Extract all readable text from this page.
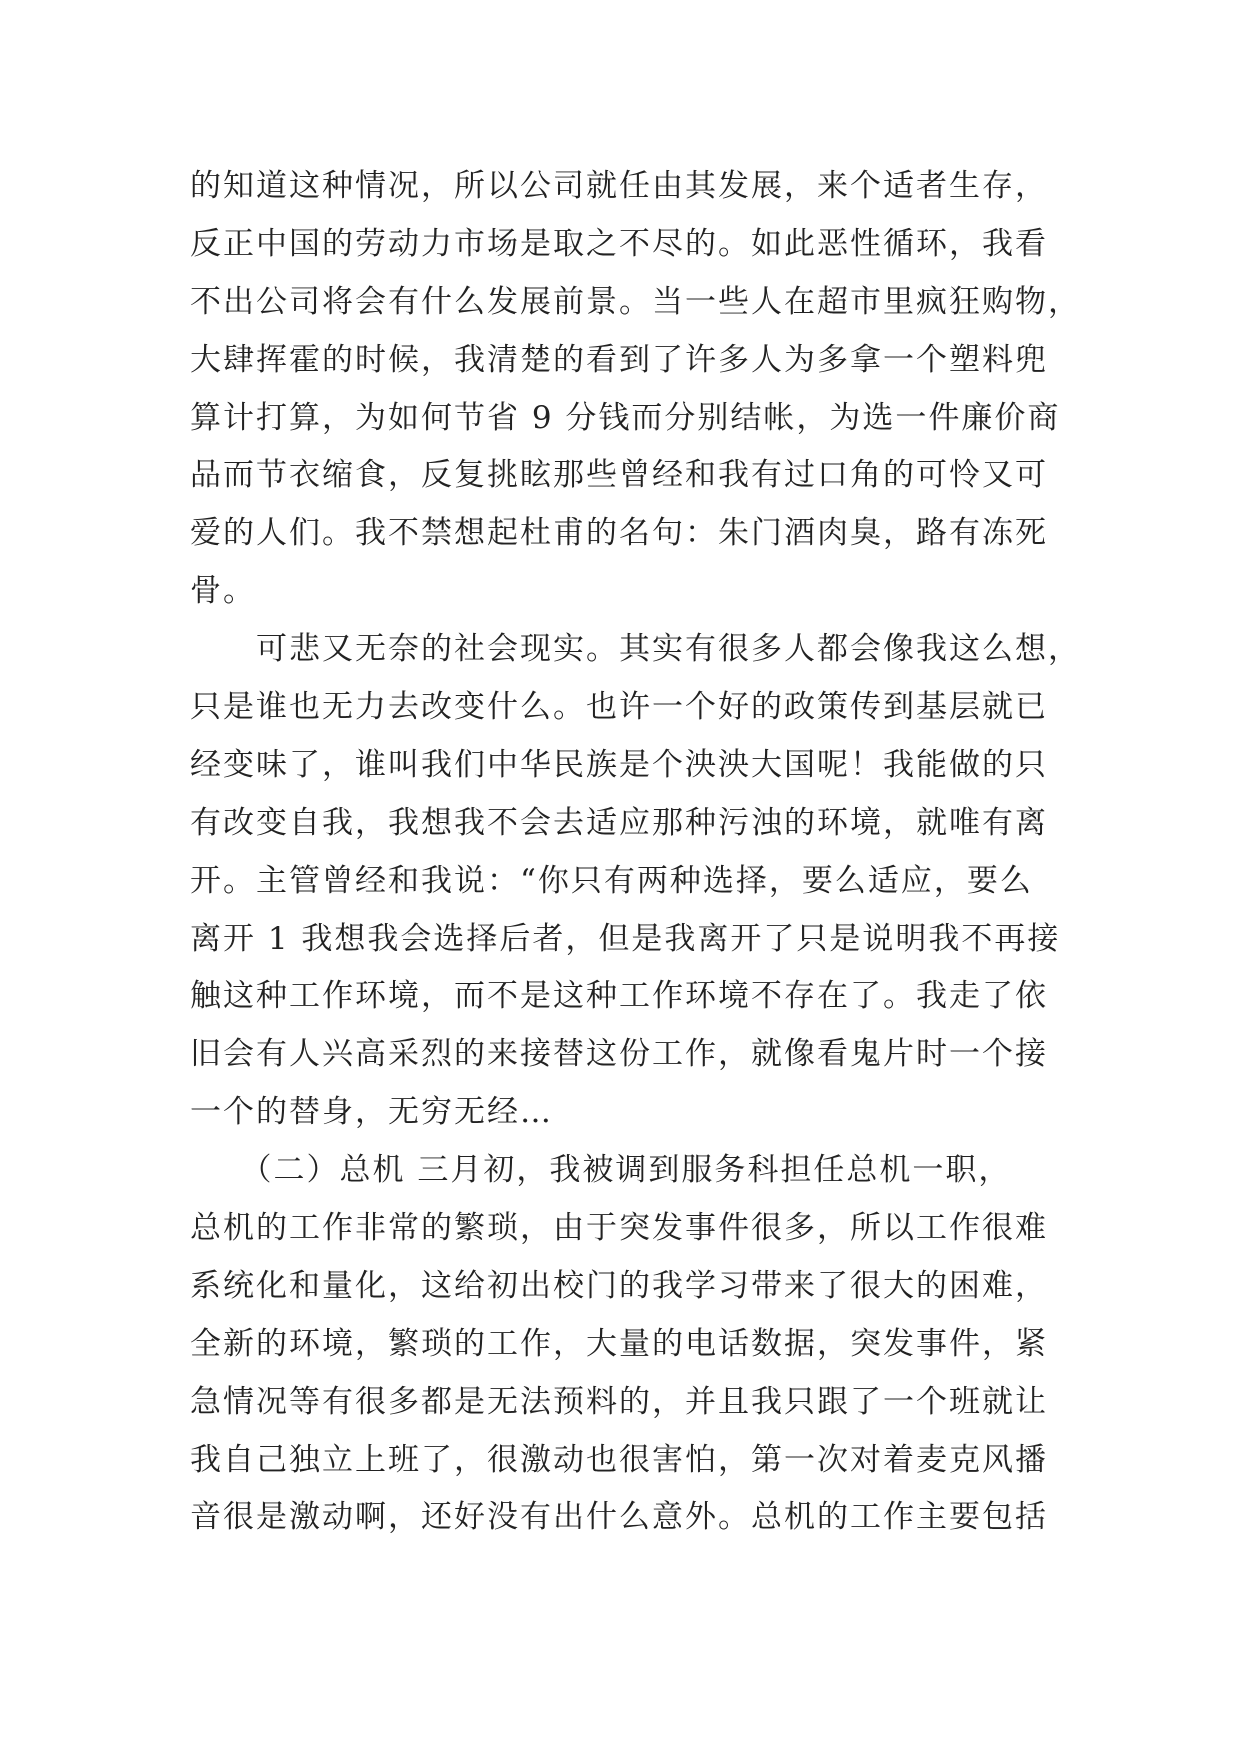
的知道这种情况，所以公司就任由其发展，来个适者生存，
反正中国的劳动力市场是取之不尽的。如此恶性循环，我看
不出公司将会有什么发展前景。当一些人在超市里疯狂购物，
大肆挥霍的时候，我清楚的看到了许多人为多拿一个塑料兜
算计打算，为如何节省 9 分钱而分别结帐，为选一件廉价商
品而节衣缩食，反复挑眩那些曾经和我有过口角的可怜又可
爱的人们。我不禁想起杜甫的名句：朱门酒肉臭，路有冻死
骨。
　　可悲又无奈的社会现实。其实有很多人都会像我这么想，
只是谁也无力去改变什么。也许一个好的政策传到基层就已
经变味了，谁叫我们中华民族是个泱泱大国呢！我能做的只
有改变自我，我想我不会去适应那种污浊的环境，就唯有离
开。主管曾经和我说：“你只有两种选择，要么适应，要么
离开 1 我想我会选择后者，但是我离开了只是说明我不再接
触这种工作环境，而不是这种工作环境不存在了。我走了依
旧会有人兴高采烈的来接替这份工作，就像看鬼片时一个接
一个的替身，无穷无经…
　　（二）总机 三月初，我被调到服务科担任总机一职，
总机的工作非常的繁琐，由于突发事件很多，所以工作很难
系统化和量化，这给初出校门的我学习带来了很大的困难，
全新的环境，繁琐的工作，大量的电话数据，突发事件，紧
急情况等有很多都是无法预料的，并且我只跟了一个班就让
我自己独立上班了，很激动也很害怕，第一次对着麦克风播
音很是激动啊，还好没有出什么意外。总机的工作主要包括
